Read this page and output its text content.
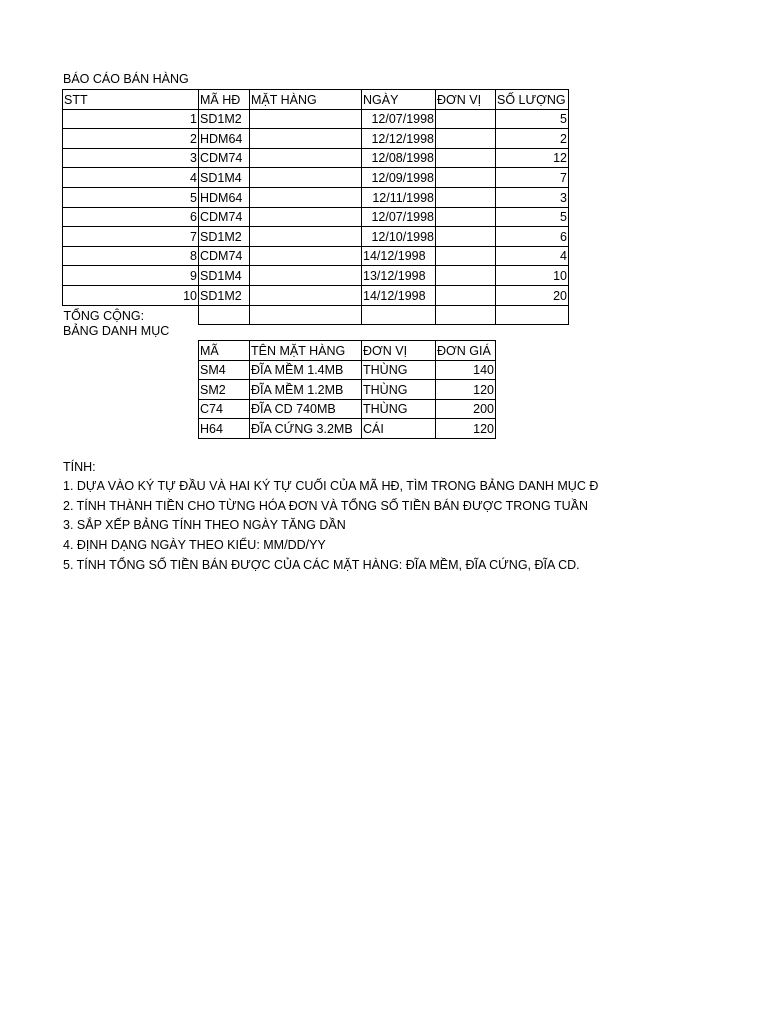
BÁO CÁO BÁN HÀNG
STT	MÃ HĐ	MẶT HÀNG	NGÀY	ĐƠN VỊ	SỐ LƯỢNG
1	SD1M2		12/07/1998		5
2	HDM64		12/12/1998		2
3	CDM74		12/08/1998		12
4	SD1M4		12/09/1998		7
5	HDM64		12/11/1998		3
6	CDM74		12/07/1998		5
7	SD1M2		12/10/1998		6
8	CDM74		14/12/1998		4
9	SD1M4		13/12/1998		10
10	SD1M2		14/12/1998		20
TỔNG CỘNG:					
BẢNG DANH MỤC
MÃ	TÊN MẶT HÀNG	ĐƠN VỊ	ĐƠN GIÁ
SM4	ĐĨA MỀM 1.4MB	THÙNG	140
SM2	ĐĨA MỀM 1.2MB	THÙNG	120
C74	ĐĨA CD 740MB	THÙNG	200
H64	ĐĨA CỨNG 3.2MB	CÁI	120
TÍNH:
1. DỰA VÀO KÝ TỰ ĐẦU VÀ HAI KÝ TỰ CUỐI CỦA MÃ HĐ, TÌM TRONG BẢNG DANH MỤC Đ
2. TÍNH THÀNH TIỀN CHO TỪNG HÓA ĐƠN VÀ TỔNG SỐ TIỀN BÁN ĐƯỢC TRONG TUẦN
3. SẮP XẾP BẢNG TÍNH THEO NGÀY TĂNG DẦN
4. ĐỊNH DẠNG NGÀY THEO KIỂU: MM/DD/YY
5. TÍNH TỔNG SỐ TIỀN BÁN ĐƯỢC CỦA CÁC MẶT HÀNG: ĐĨA MỀM, ĐĨA CỨNG, ĐĨA CD.
